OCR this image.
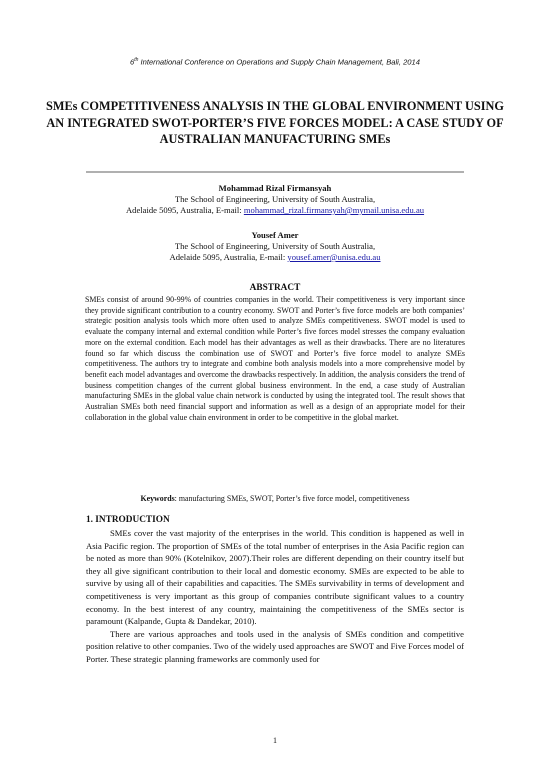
6th International Conference on Operations and Supply Chain Management, Bali, 2014
SMEs COMPETITIVENESS ANALYSIS IN THE GLOBAL ENVIRONMENT USING AN INTEGRATED SWOT-PORTER’S FIVE FORCES MODEL: A CASE STUDY OF AUSTRALIAN MANUFACTURING SMEs
Mohammad Rizal Firmansyah
The School of Engineering, University of South Australia,
Adelaide 5095, Australia, E-mail: mohammad_rizal.firmansyah@mymail.unisa.edu.au
Yousef Amer
The School of Engineering, University of South Australia,
Adelaide 5095, Australia, E-mail: yousef.amer@unisa.edu.au
ABSTRACT

SMEs consist of around 90-99% of countries companies in the world. Their competitiveness is very important since they provide significant contribution to a country economy. SWOT and Porter’s five force models are both companies’ strategic position analysis tools which more often used to analyze SMEs competitiveness. SWOT model is used to evaluate the company internal and external condition while Porter’s five forces model stresses the company evaluation more on the external condition. Each model has their advantages as well as their drawbacks. There are no literatures found so far which discuss the combination use of SWOT and Porter’s five force model to analyze SMEs competitiveness. The authors try to integrate and combine both analysis models into a more comprehensive model by benefit each model advantages and overcome the drawbacks respectively. In addition, the analysis considers the trend of business competition changes of the current global business environment. In the end, a case study of Australian manufacturing SMEs in the global value chain network is conducted by using the integrated tool. The result shows that Australian SMEs both need financial support and information as well as a design of an appropriate model for their collaboration in the global value chain environment in order to be competitive in the global market.

Keywords: manufacturing SMEs, SWOT, Porter’s five force model, competitiveness
1. INTRODUCTION

SMEs cover the vast majority of the enterprises in the world. This condition is happened as well in Asia Pacific region. The proportion of SMEs of the total number of enterprises in the Asia Pacific region can be noted as more than 90% (Kotelnikov, 2007).Their roles are different depending on their country itself but they all give significant contribution to their local and domestic economy. SMEs are expected to be able to survive by using all of their capabilities and capacities. The SMEs survivability in terms of development and competitiveness is very important as this group of companies contribute significant values to a country economy. In the best interest of any country, maintaining the competitiveness of the SMEs sector is paramount (Kalpande, Gupta & Dandekar, 2010).

There are various approaches and tools used in the analysis of SMEs condition and competitive position relative to other companies. Two of the widely used approaches are SWOT and Five Forces model of Porter. These strategic planning frameworks are commonly used for

1
